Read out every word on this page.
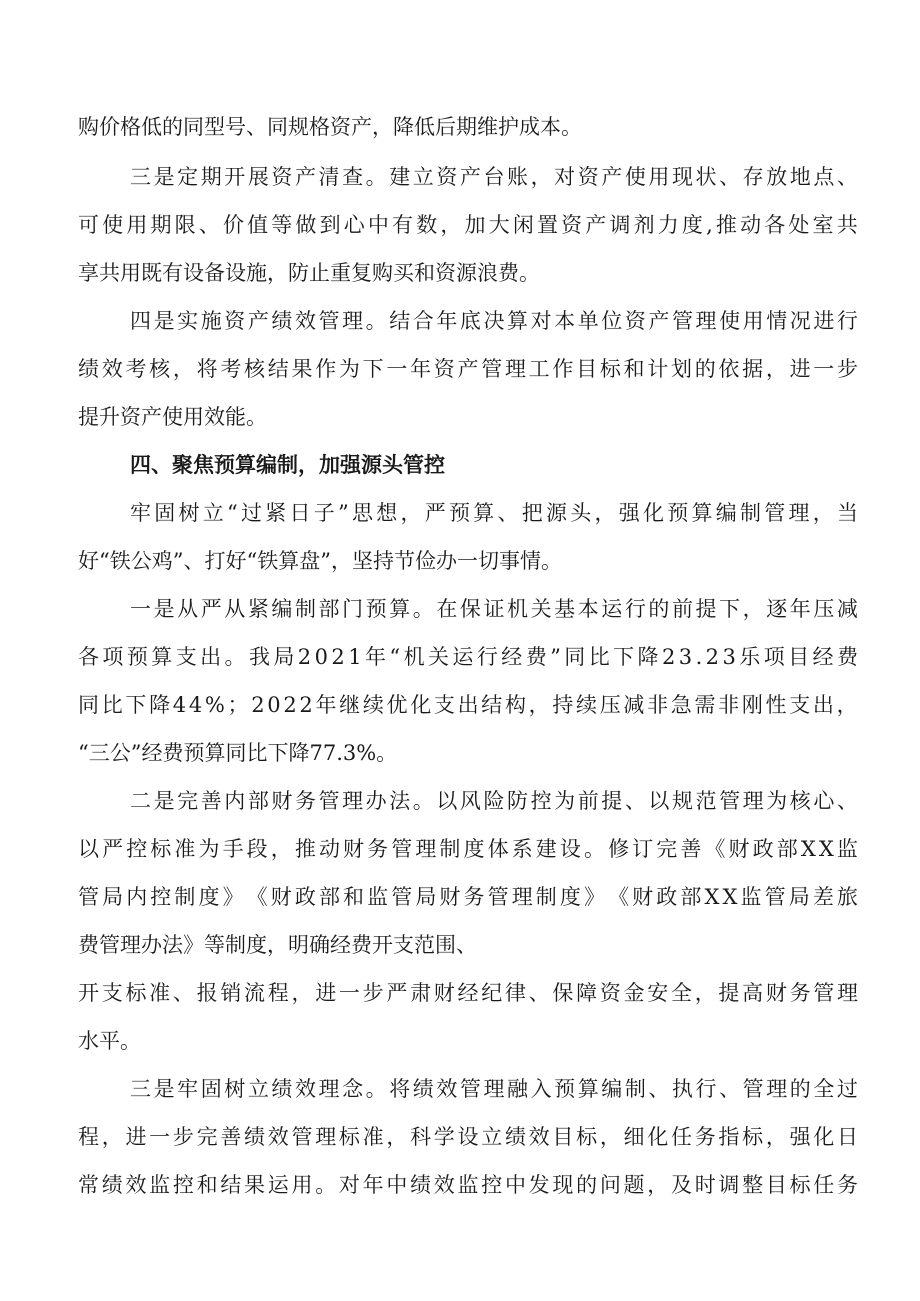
购价格低的同型号、同规格资产，降低后期维护成本。
三 是 定 期 开 展 资 产 清 查 。 建 立 资 产 台 账 ， 对 资 产 使 用 现 状 、 存 放 地 点 、
可 使 用 期 限 、 价 值 等 做 到 心 中 有 数 ， 加 大 闲 置 资 产 调 剂 力 度 , 推 动 各 处 室 共
享共用既有设备设施，防止重复购买和资源浪费。
四 是 实 施 资 产 绩 效 管 理 。 结 合 年 底 决 算 对 本 单 位 资 产 管 理 使 用 情 况 进 行
绩 效 考 核 ， 将 考 核 结 果 作 为 下 一 年 资 产 管 理 工 作 目 标 和 计 划 的 依 据 ， 进 一 步
提升资产使用效能。
四、聚焦预算编制，加强源头管控
牢 固 树 立 “ 过 紧 日 子 ” 思 想 ， 严 预 算 、 把 源 头 ， 强 化 预 算 编 制 管 理 ， 当
好“铁公鸡”、打好“铁算盘”，坚持节俭办一切事情。
一 是 从 严 从 紧 编 制 部 门 预 算 。 在 保 证 机 关 基 本 运 行 的 前 提 下 ， 逐 年 压 减
各 项 预 算 支 出 。 我 局 2 0 2 1 年 “ 机 关 运 行 经 费 ” 同 比 下 降 2 3 . 2 3 乐 项 目 经 费
同 比 下 降 4 4 % ； 2 0 2 2 年 继 续 优 化 支 出 结 构 ， 持 续 压 减 非 急 需 非 刚 性 支 出 ，
“三公”经费预算同比下降77.3%。
二 是 完 善 内 部 财 务 管 理 办 法 。 以 风 险 防 控 为 前 提 、 以 规 范 管 理 为 核 心 、
以 严 控 标 准 为 手 段 ， 推 动 财 务 管 理 制 度 体 系 建 设 。 修 订 完 善 《 财 政 部 X X 监
管 局 内 控 制 度 》 《 财 政 部 和 监 管 局 财 务 管 理 制 度 》 《 财 政 部 X X 监 管 局 差 旅
费管理办法》等制度，明确经费开支范围、
开 支 标 准 、 报 销 流 程 ， 进 一 步 严 肃 财 经 纪 律 、 保 障 资 金 安 全 ， 提 高 财 务 管 理
水平。
三 是 牢 固 树 立 绩 效 理 念 。 将 绩 效 管 理 融 入 预 算 编 制 、 执 行 、 管 理 的 全 过
程 ， 进 一 步 完 善 绩 效 管 理 标 准 ， 科 学 设 立 绩 效 目 标 ， 细 化 任 务 指 标 ， 强 化 日
常 绩 效 监 控 和 结 果 运 用 。 对 年 中 绩 效 监 控 中 发 现 的 问 题 ， 及 时 调 整 目 标 任 务
